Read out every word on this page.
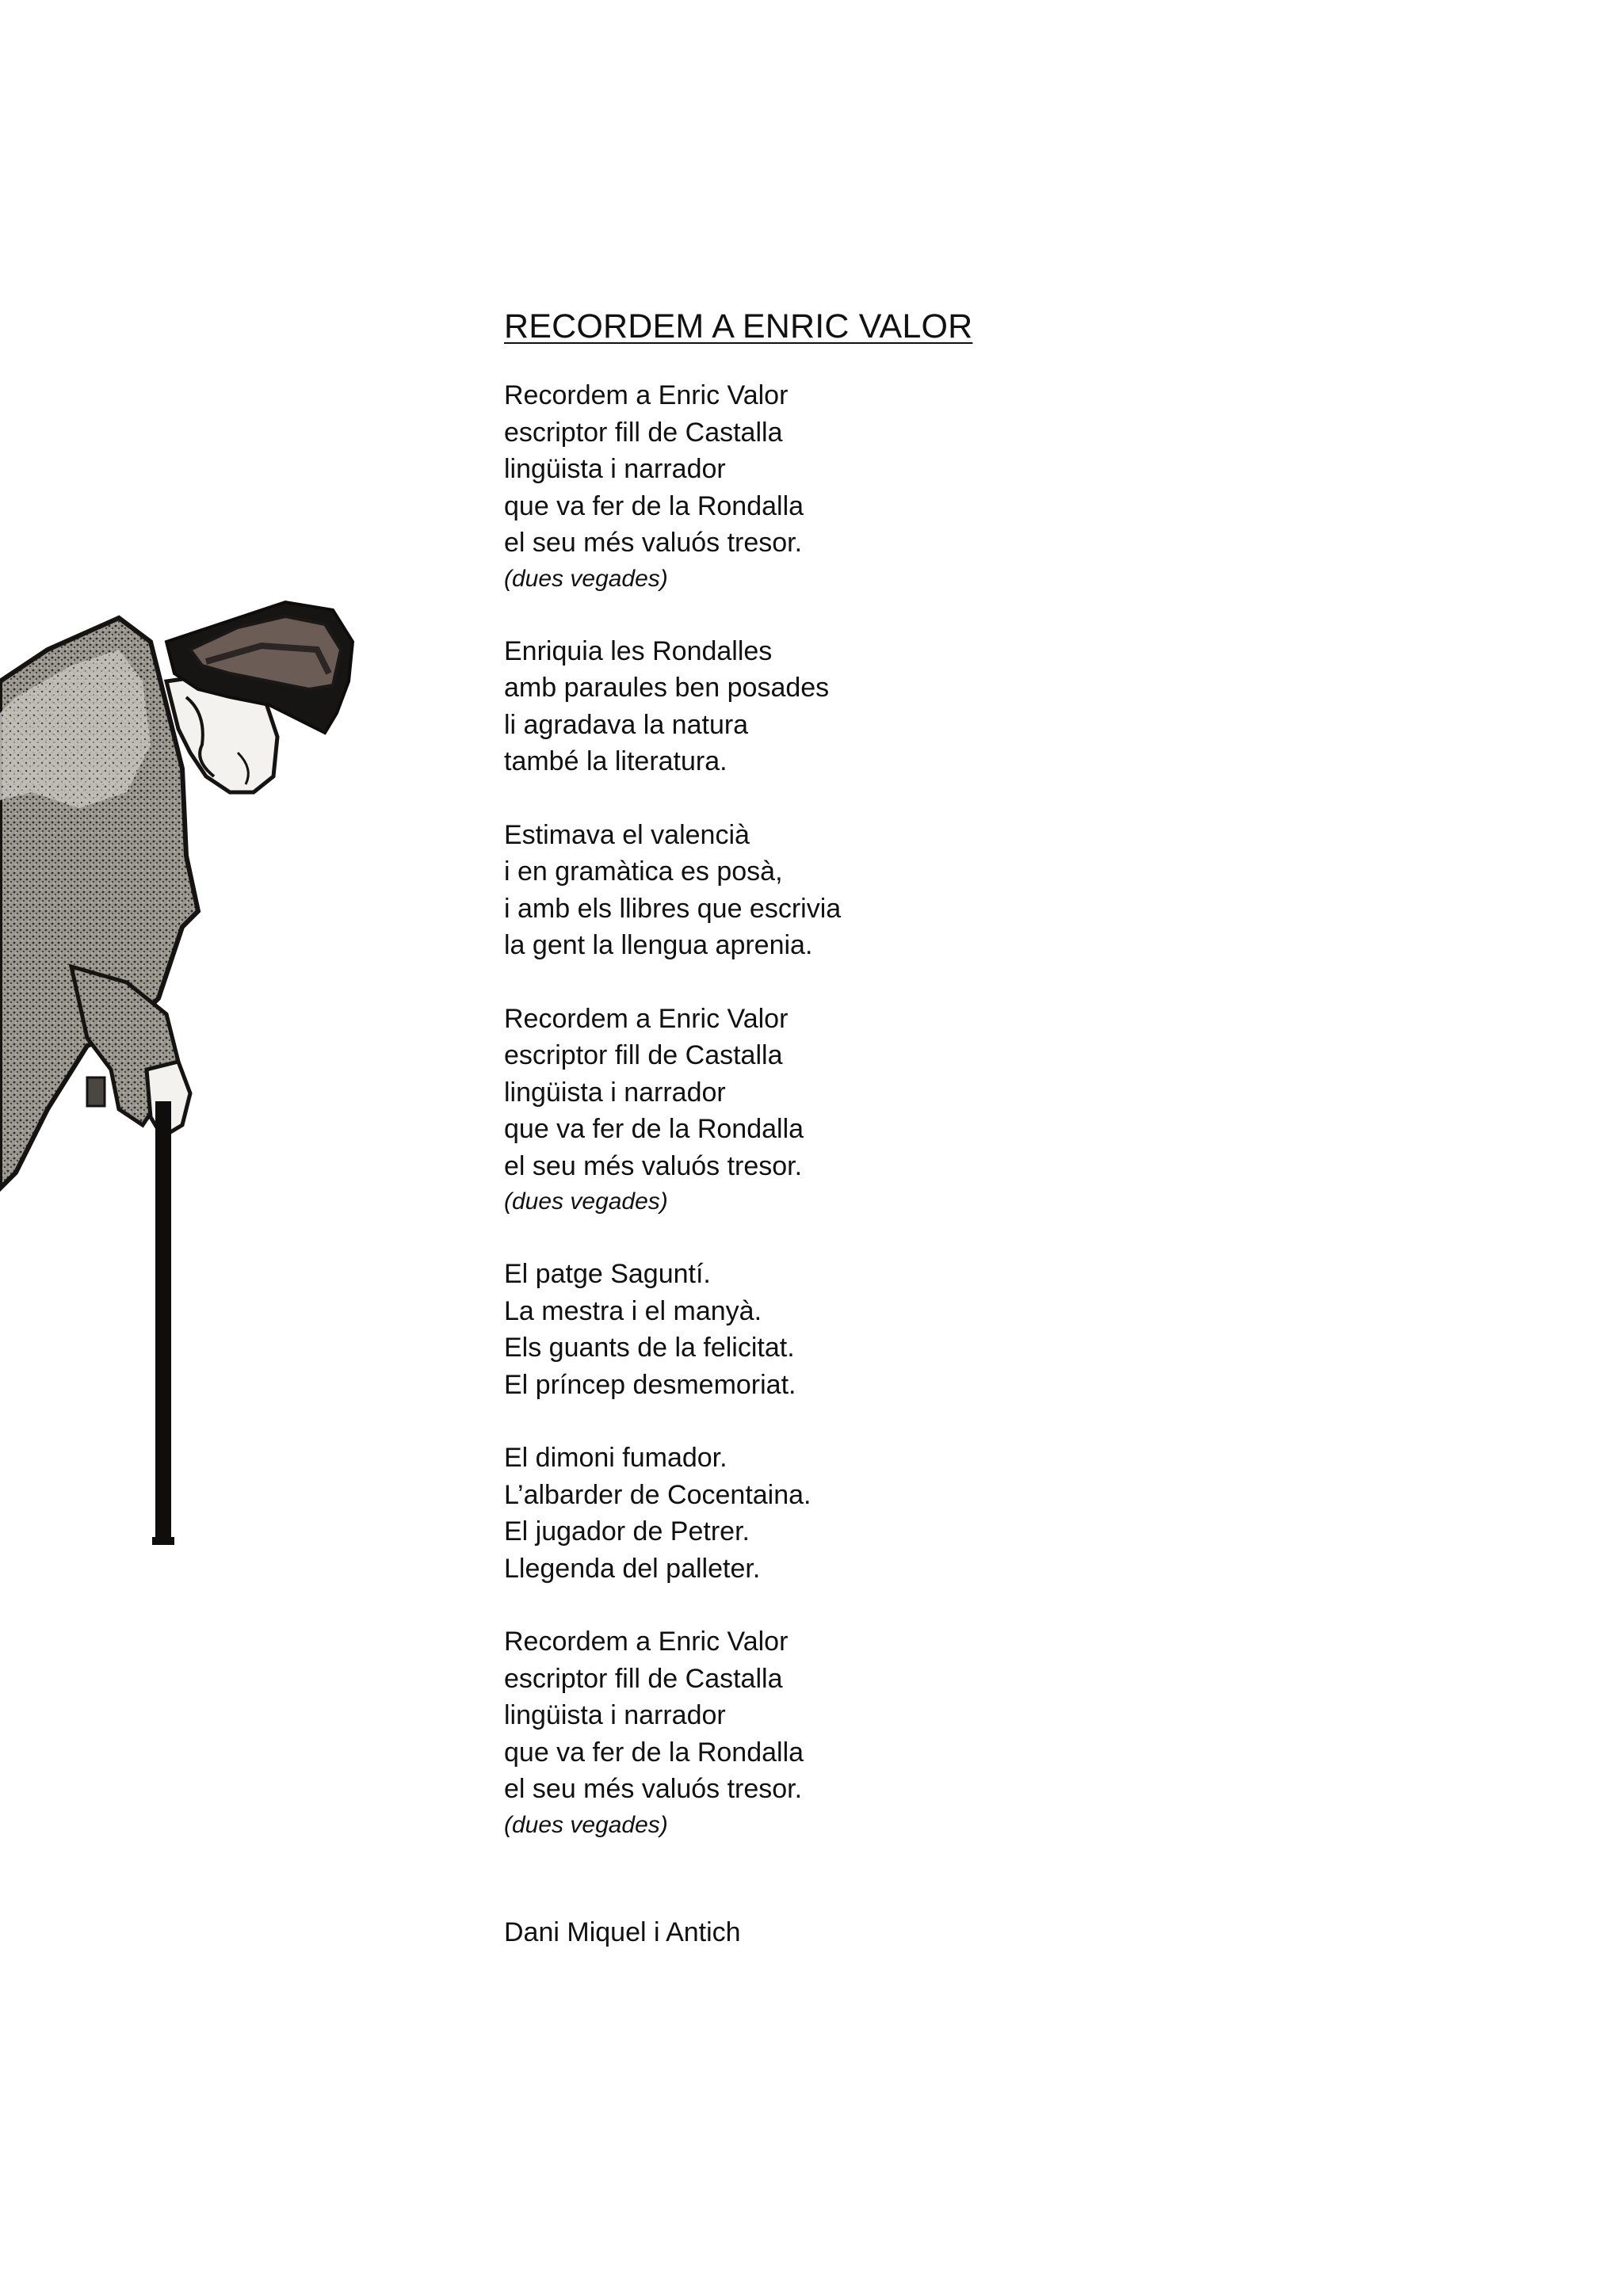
RECORDEM A ENRIC VALOR
Recordem a Enric Valor
escriptor fill de Castalla
lingüista i narrador
que va fer de la Rondalla
el seu més valuós tresor.
(dues vegades)
Enriquia les Rondalles
amb paraules ben posades
li agradava la natura
també la literatura.
Estimava el valencià
i en gramàtica es posà,
i amb els llibres que escrivia
la gent la llengua aprenia.
Recordem a Enric Valor
escriptor fill de Castalla
lingüista i narrador
que va fer de la Rondalla
el seu més valuós tresor.
(dues vegades)
El patge Saguntí.
La mestra i el manyà.
Els guants de la felicitat.
El príncep desmemoriat.
El dimoni fumador.
L’albarder de Cocentaina.
El jugador de Petrer.
Llegenda del palleter.
Recordem a Enric Valor
escriptor fill de Castalla
lingüista i narrador
que va fer de la Rondalla
el seu més valuós tresor.
(dues vegades)
Dani Miquel i Antich
